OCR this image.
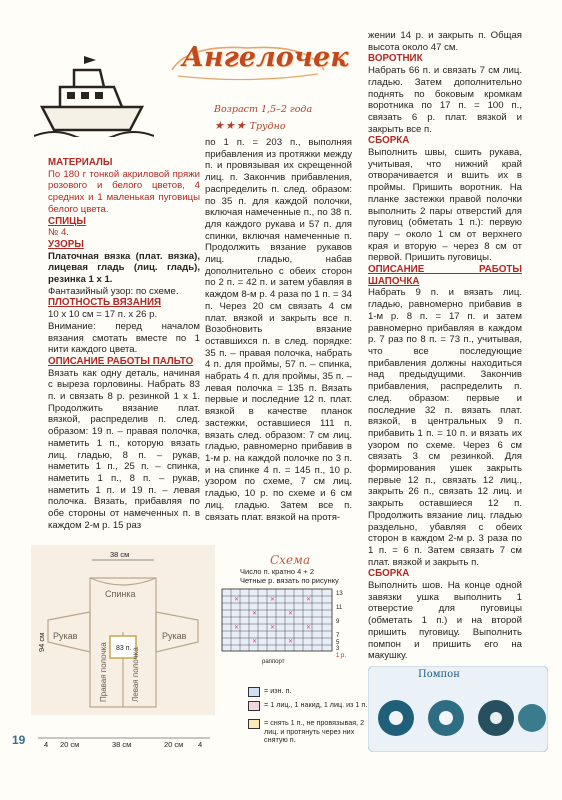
Ангелочек
Возраст 1,5–2 года
★★★ Трудно

МАТЕРИАЛЫ

По 180 г тонкой акриловой пряжи розового и белого цветов, 4 средних и 1 маленькая пуговицы белого цвета.

СПИЦЫ

№ 4.

УЗОРЫ

Платочная вязка (плат. вязка), лицевая гладь (лиц. гладь), резинка 1 х 1.

Фантазийный узор: по схеме.

ПЛОТНОСТЬ ВЯЗАНИЯ

10 х 10 см = 17 п. х 26 р.

Внимание: перед началом вязания смотать вместе по 1 нити каждого цвета.

ОПИСАНИЕ РАБОТЫ ПАЛЬТО

Вязать как одну деталь, начиная с выреза горловины. Набрать 83 п. и связать 8 р. резинкой 1 х 1. Продолжить вязание плат. вязкой, распределив п. след. образом: 19 п. – правая полочка, наметить 1 п., которую вязать лиц. гладью, 8 п. – рукав, наметить 1 п., 25 п. – спинка, наметить 1 п., 8 п. – рукав, наметить 1 п. и 19 п. – левая полочка. Вязать, прибавляя по обе стороны от намеченных п. в каждом 2-м р. 15 раз

по 1 п. = 203 п., выполняя прибавления из протяжки между п. и провязывая их скрещенной лиц. п. Закончив прибавления, распределить п. след. образом: по 35 п. для каждой полочки, включая намеченные п., по 38 п. для каждого рукава и 57 п. для спинки, включая намеченные п. Продолжить вязание рукавов лиц. гладью, набав дополнительно с обеих сторон по 2 п. = 42 п. и затем убавляя в каждом 8-м р. 4 раза по 1 п. = 34 п. Через 20 см связать 4 см плат. вязкой и закрыть все п. Возобновить вязание оставшихся п. в след. порядке: 35 п. – правая полочка, набрать 4 п. для проймы, 57 п. – спинка, набрать 4 п. для проймы, 35 п. – левая полочка = 135 п. Вязать первые и последние 12 п. плат. вязкой в качестве планок застежки, оставшиеся 111 п. вязать след. образом: 7 см лиц. гладью, равномерно прибавив в 1-м р. на каждой полочке по 3 п. и на спинке 4 п. = 145 п., 10 р. узором по схеме, 7 см лиц. гладью, 10 р. по схеме и 6 см лиц. гладью. Затем все п. связать плат. вязкой на протя-

жении 14 р. и закрыть п. Общая высота около 47 см.

ВОРОТНИК

Набрать 66 п. и связать 7 см лиц. гладью. Затем дополнительно поднять по боковым кромкам воротника по 17 п. = 100 п., связать 6 р. плат. вязкой и закрыть все п.

СБОРКА

Выполнить швы, сшить рукава, учитывая, что нижний край отворачивается и вшить их в проймы. Пришить воротник. На планке застежки правой полочки выполнить 2 пары отверстий для пуговиц (обметать 1 п.): первую пару – около 1 см от верхнего края и вторую – через 8 см от первой. Пришить пуговицы.

ОПИСАНИЕ РАБОТЫ ШАПОЧКА

Набрать 9 п. и вязать лиц. гладью, равномерно прибавив в 1-м р. 8 п. = 17 п. и затем равномерно прибавляя в каждом р. 7 раз по 8 п. = 73 п., учитывая, что все последующие прибавления должны находиться над предыдущими. Закончив прибавления, распределить п. след. образом: первые и последние 32 п. вязать плат. вязкой, в центральных 9 п. прибавить 1 п. = 10 п. и вязать их узором по схеме. Через 6 см связать 3 см резинкой. Для формирования ушек закрыть первые 12 п., связать 12 лиц., закрыть 26 п., связать 12 лиц. и закрыть оставшиеся 12 п. Продолжить вязание лиц. гладью раздельно, убавляя с обеих сторон в каждом 2-м р. 3 раза по 1 п. = 6 п. Затем связать 7 см плат. вязкой и закрыть п.

СБОРКА

Выполнить шов. На конце одной завязки ушка выполнить 1 отверстие для пуговицы (обметать 1 п.) и на второй пришить пуговицу. Выполнить помпон и пришить его на макушку.

Рукав	Рукав
Спинка
83 п.
Правая полочка	Левая полочка
38 см
94 см
4 20 см	38 см	20 см 4
19
Схема
Число п. кратно 4 + 2
Четные р. вязать по рисунку
✕	✕	✕
✕	✕
✕	✕	✕
✕	✕
13
11
9
7
5
3
1 р.
раппорт
= изн. п.
= 1 лиц., 1 накид, 1 лиц. из 1 п.
= снять 1 п., не провязывая, 2 лиц. и протянуть через них снятую п.
Помпон
